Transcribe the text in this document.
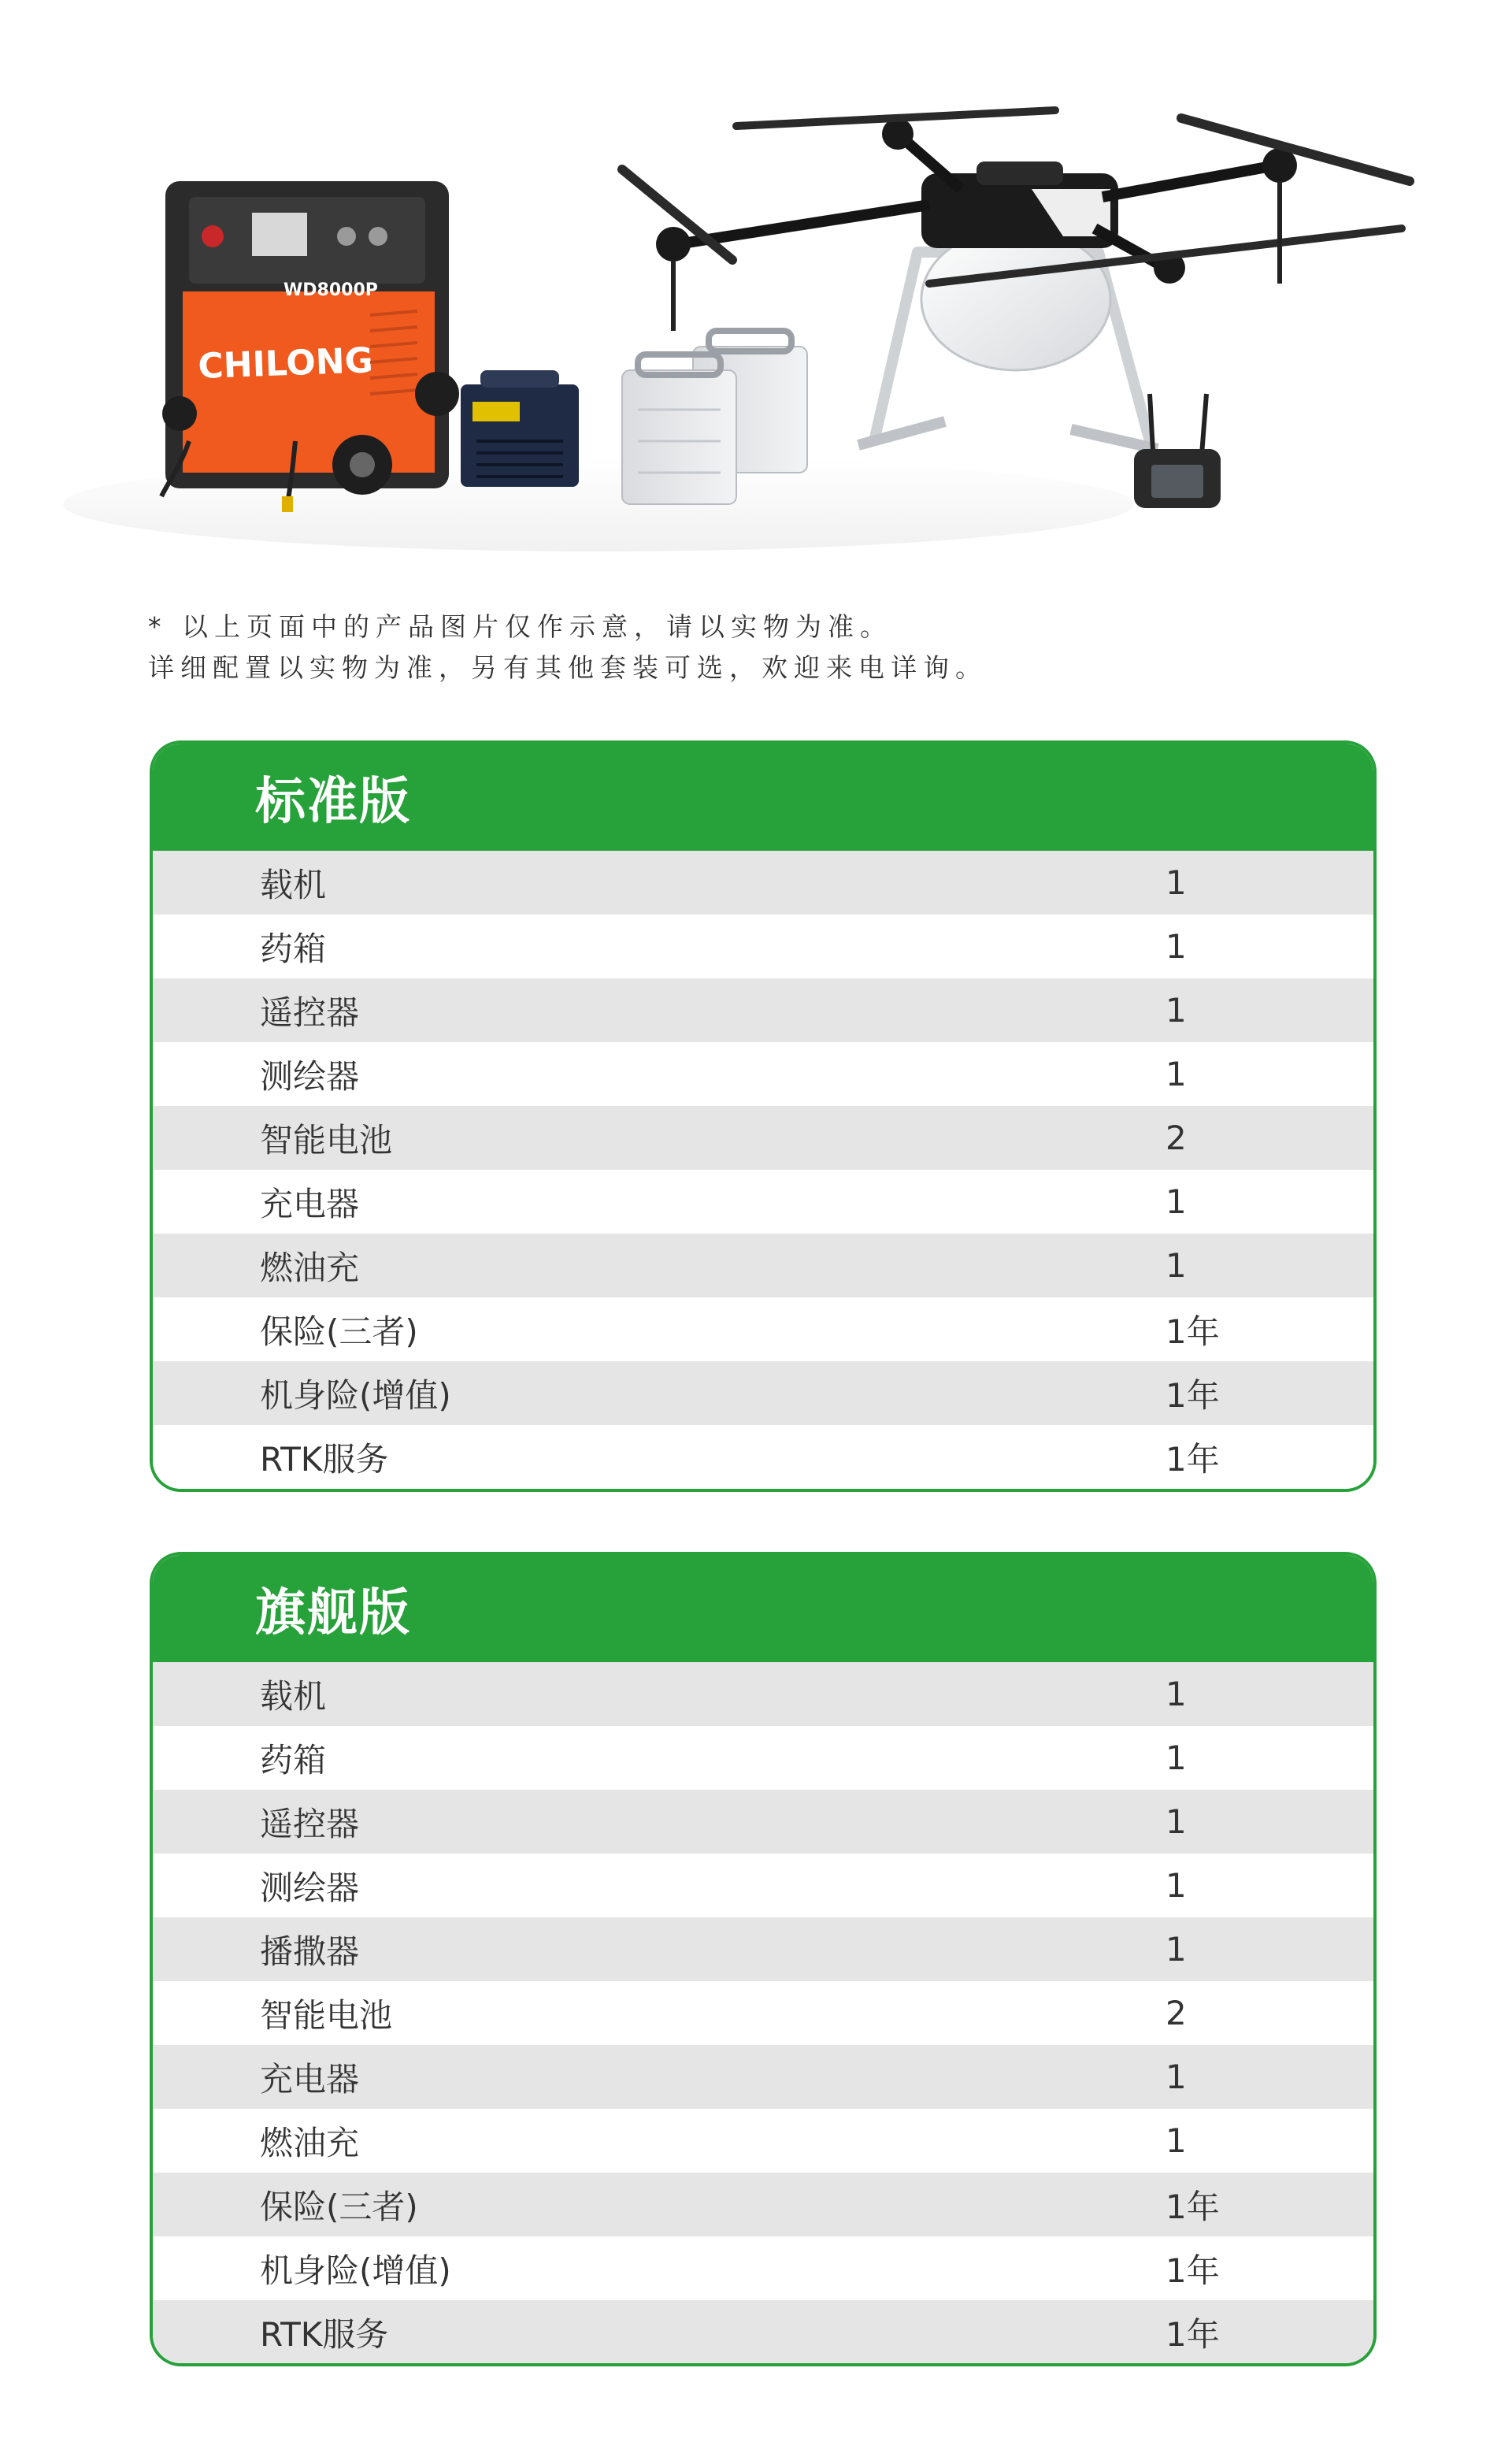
WD8000P
CHILONG

* 以上页面中的产品图片仅作示意，请以实物为准。

详细配置以实物为准，另有其他套装可选，欢迎来电详询。

标准版
载机	1
药箱	1
遥控器	1
测绘器	1
智能电池	2
充电器	1
燃油充	1
保险(三者)	1年
机身险(增值)	1年
RTK服务	1年
旗舰版
载机	1
药箱	1
遥控器	1
测绘器	1
播撒器	1
智能电池	2
充电器	1
燃油充	1
保险(三者)	1年
机身险(增值)	1年
RTK服务	1年
